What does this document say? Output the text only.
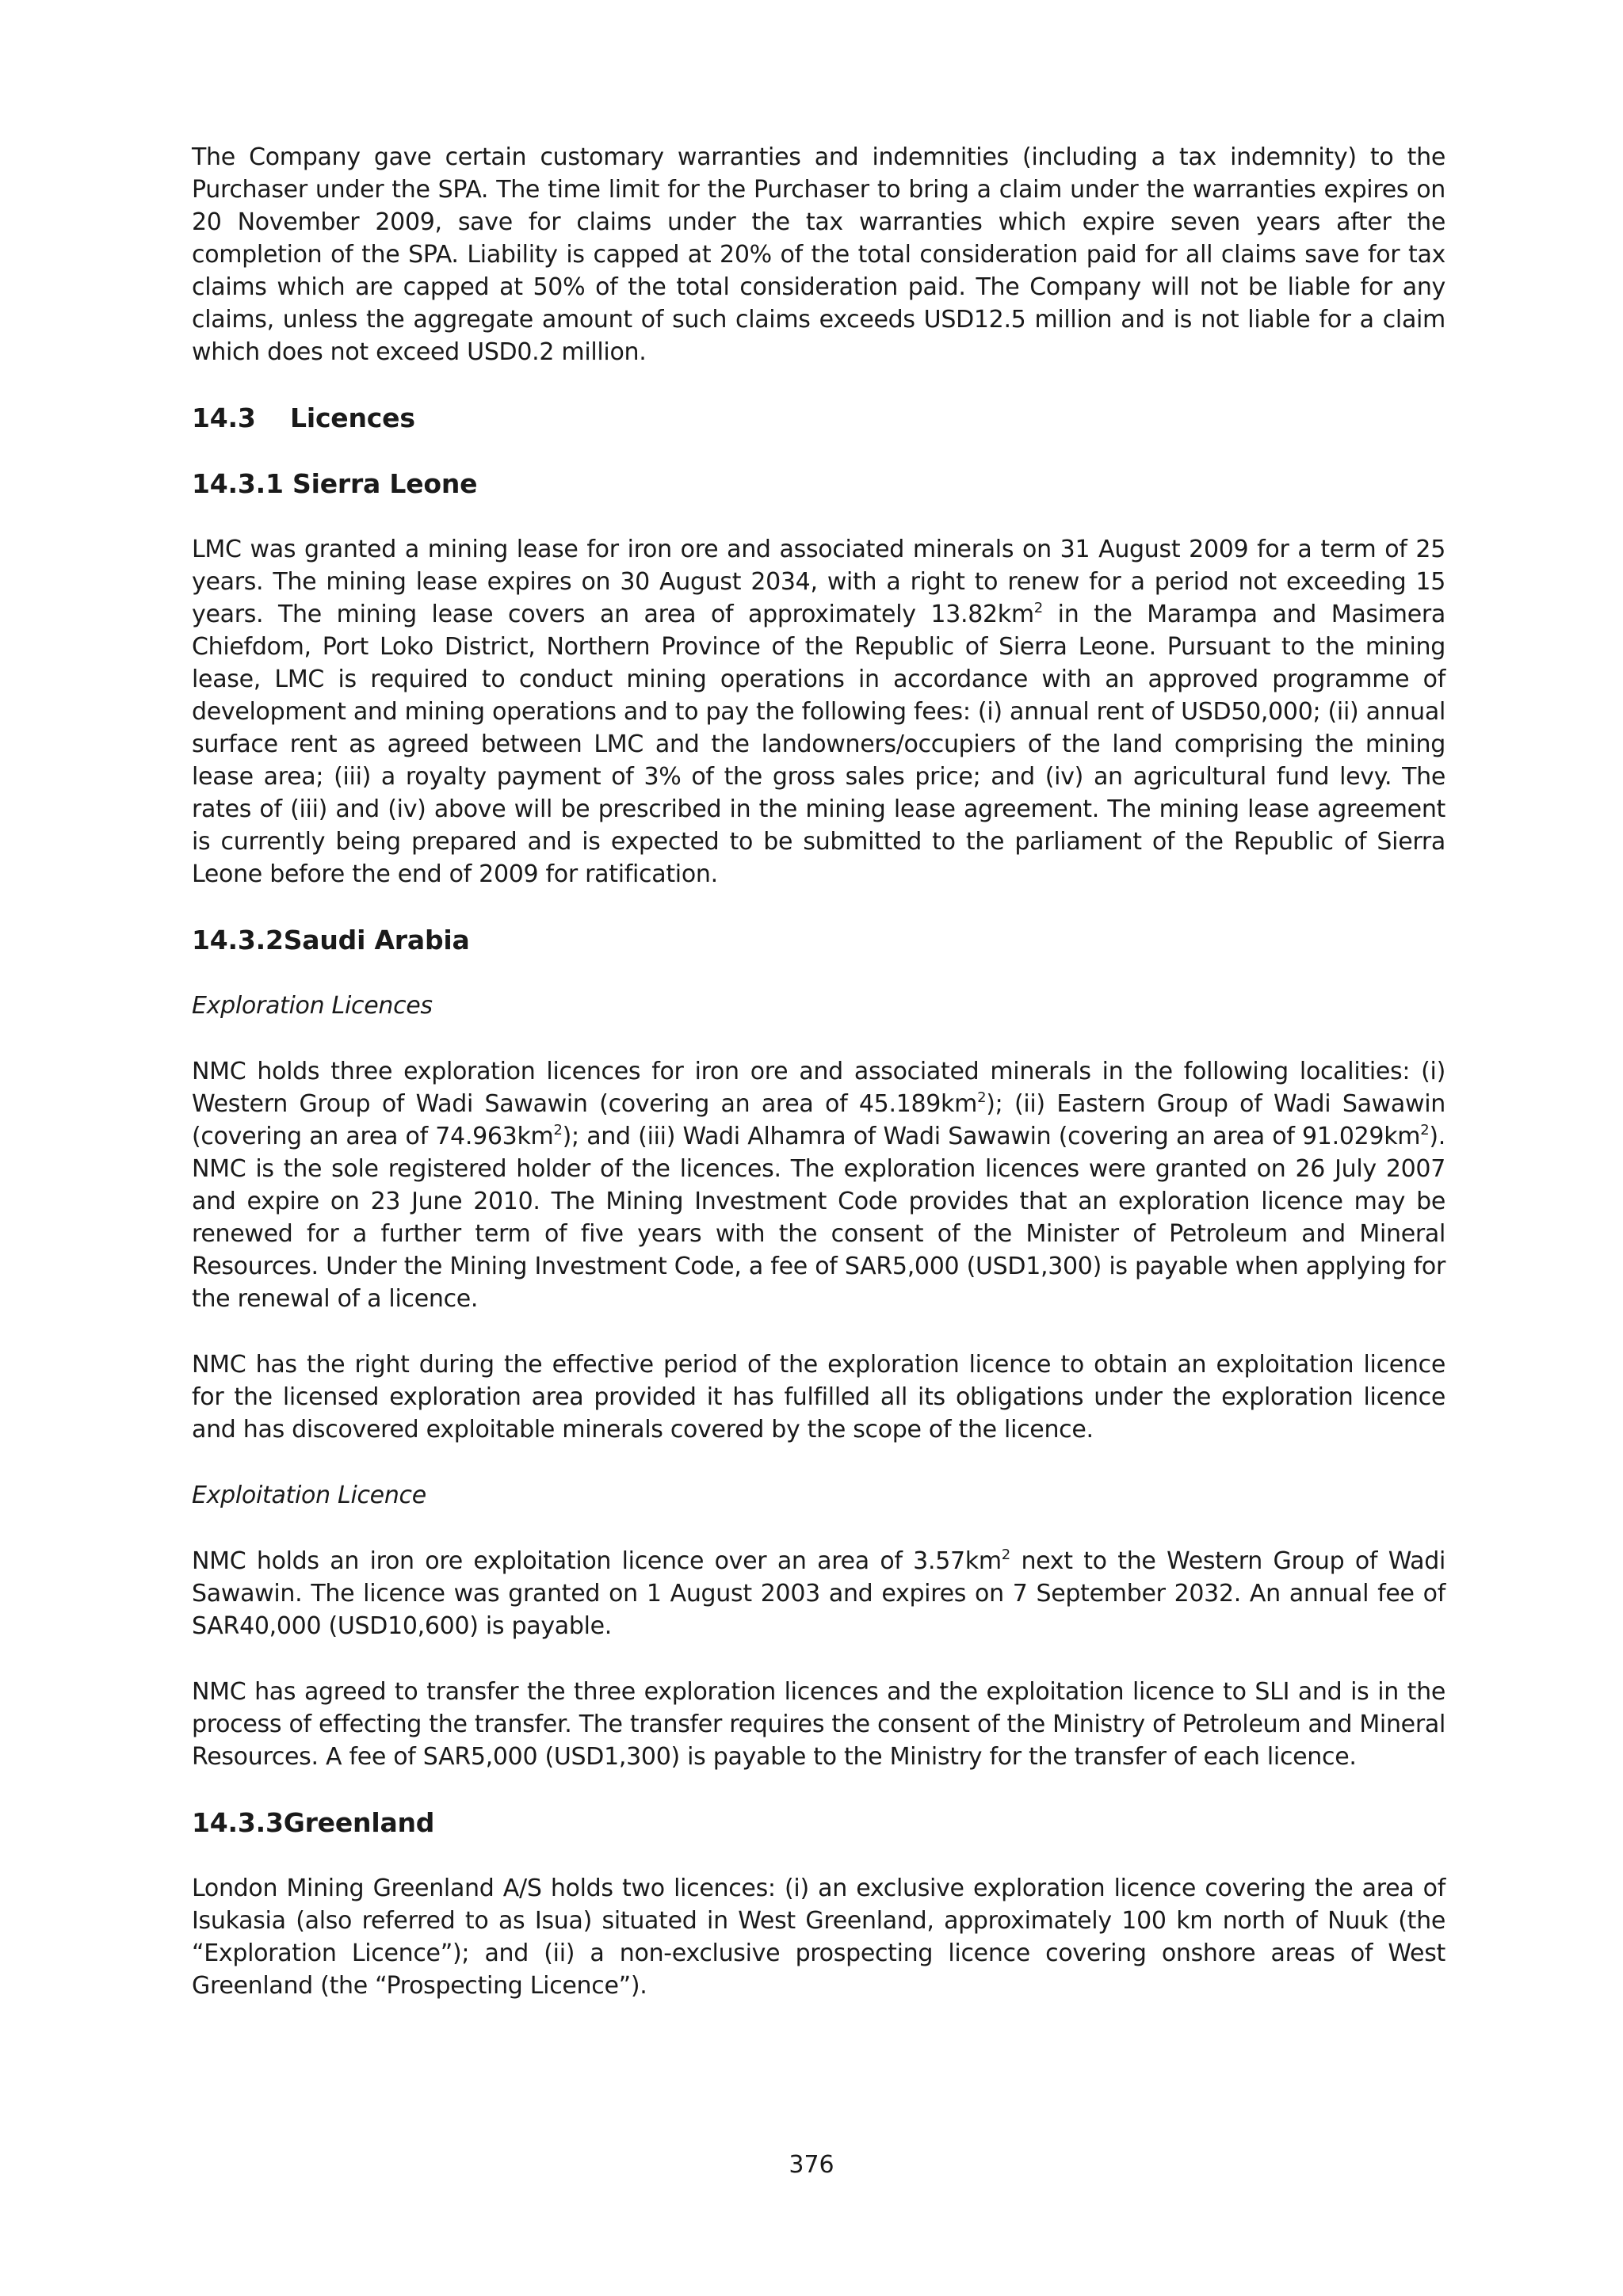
The Company gave certain customary warranties and indemnities (including a tax indemnity) to the Purchaser under the SPA. The time limit for the Purchaser to bring a claim under the warranties expires on 20 November 2009, save for claims under the tax warranties which expire seven years after the completion of the SPA. Liability is capped at 20% of the total consideration paid for all claims save for tax claims which are capped at 50% of the total consideration paid. The Company will not be liable for any claims, unless the aggregate amount of such claims exceeds USD12.5 million and is not liable for a claim which does not exceed USD0.2 million.

14.3 Licences
14.3.1 Sierra Leone

LMC was granted a mining lease for iron ore and associated minerals on 31 August 2009 for a term of 25 years. The mining lease expires on 30 August 2034, with a right to renew for a period not exceeding 15 years. The mining lease covers an area of approximately $13.82km^2$ in the Marampa and Masimera Chiefdom, Port Loko District, Northern Province of the Republic of Sierra Leone. Pursuant to the mining lease, LMC is required to conduct mining operations in accordance with an approved programme of development and mining operations and to pay the following fees: (i) annual rent of USD50,000; (ii) annual surface rent as agreed between LMC and the landowners/occupiers of the land comprising the mining lease area; (iii) a royalty payment of 3% of the gross sales price; and (iv) an agricultural fund levy. The rates of (iii) and (iv) above will be prescribed in the mining lease agreement. The mining lease agreement is currently being prepared and is expected to be submitted to the parliament of the Republic of Sierra Leone before the end of 2009 for ratification.

14.3.2Saudi Arabia

Exploration Licences

NMC holds three exploration licences for iron ore and associated minerals in the following localities: (i) Western Group of Wadi Sawawin (covering an area of $45.189km^2$); (ii) Eastern Group of Wadi Sawawin (covering an area of $74.963km^2$); and (iii) Wadi Alhamra of Wadi Sawawin (covering an area of $91.029km^2$). NMC is the sole registered holder of the licences. The exploration licences were granted on 26 July 2007 and expire on 23 June 2010. The Mining Investment Code provides that an exploration licence may be renewed for a further term of five years with the consent of the Minister of Petroleum and Mineral Resources. Under the Mining Investment Code, a fee of SAR5,000 (USD1,300) is payable when applying for the renewal of a licence.

NMC has the right during the effective period of the exploration licence to obtain an exploitation licence for the licensed exploration area provided it has fulfilled all its obligations under the exploration licence and has discovered exploitable minerals covered by the scope of the licence.

Exploitation Licence

NMC holds an iron ore exploitation licence over an area of $3.57km^2$ next to the Western Group of Wadi Sawawin. The licence was granted on 1 August 2003 and expires on 7 September 2032. An annual fee of SAR40,000 (USD10,600) is payable.

NMC has agreed to transfer the three exploration licences and the exploitation licence to SLI and is in the process of effecting the transfer. The transfer requires the consent of the Ministry of Petroleum and Mineral Resources. A fee of SAR5,000 (USD1,300) is payable to the Ministry for the transfer of each licence.

14.3.3Greenland

London Mining Greenland A/S holds two licences: (i) an exclusive exploration licence covering the area of Isukasia (also referred to as Isua) situated in West Greenland, approximately 100 km north of Nuuk (the “Exploration Licence”); and (ii) a non-exclusive prospecting licence covering onshore areas of West Greenland (the “Prospecting Licence”).

376
